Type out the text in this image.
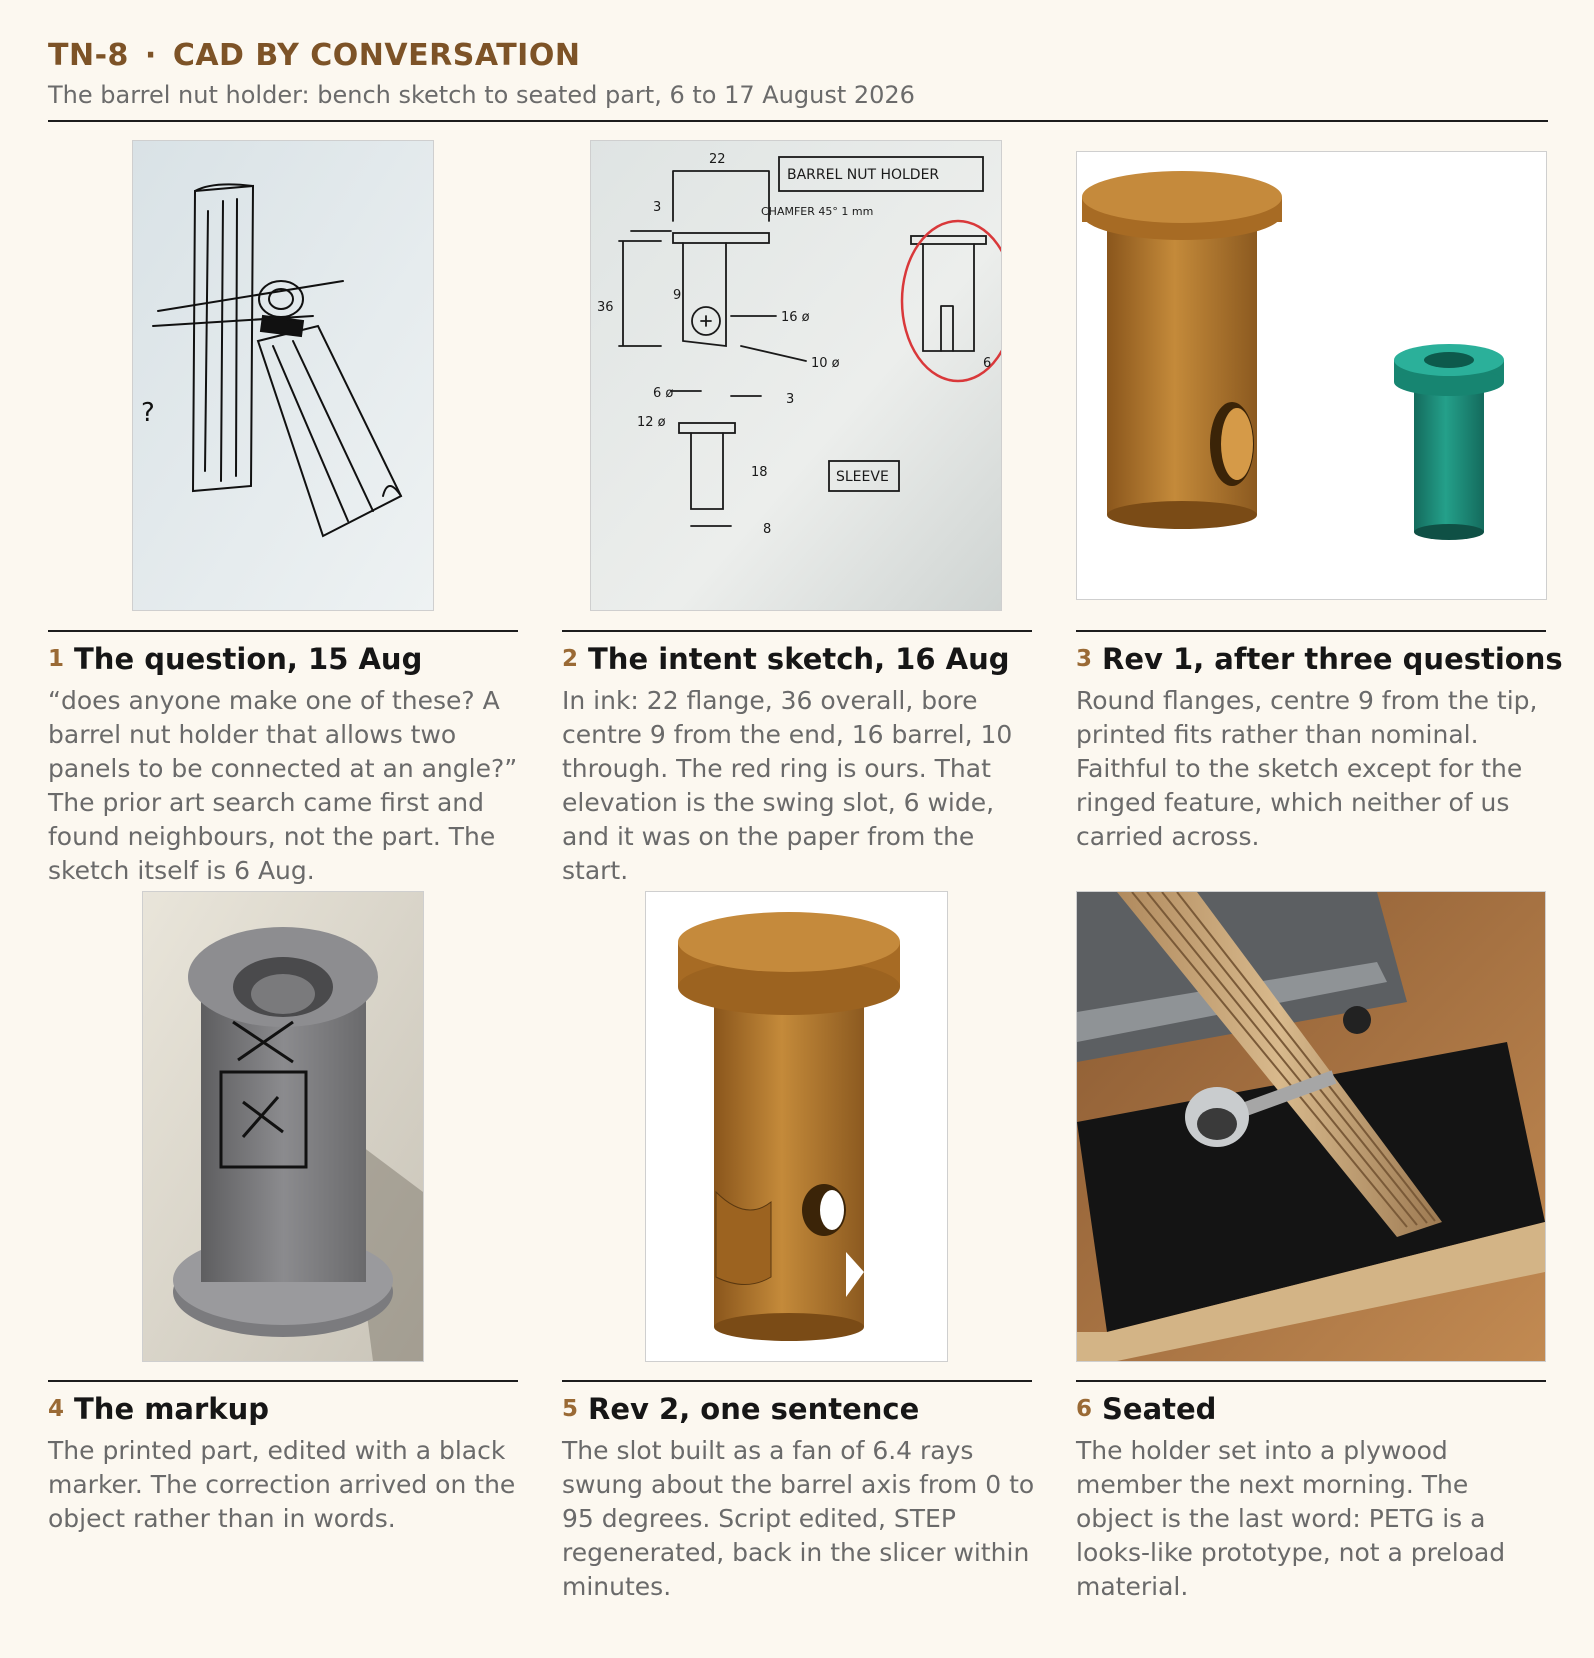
TN-8 · CAD BY CONVERSATION
The barrel nut holder: bench sketch to seated part, 6 to 17 August 2026
?
BARREL NUT HOLDER
CHAMFER 45° 1 mm
SLEEVE
22
3
9
36
16 ø
10 ø	6
6 ø
12 ø
3
18
8
1 The question, 15 Aug
“does anyone make one of these? A barrel nut holder that allows two panels to be connected at an angle?” The prior art search came first and found neighbours, not the part. The sketch itself is 6 Aug.
2 The intent sketch, 16 Aug
In ink: 22 flange, 36 overall, bore centre 9 from the end, 16 barrel, 10 through. The red ring is ours. That elevation is the swing slot, 6 wide, and it was on the paper from the start.
3 Rev 1, after three questions
Round flanges, centre 9 from the tip, printed fits rather than nominal. Faithful to the sketch except for the ringed feature, which neither of us carried across.
4 The markup
The printed part, edited with a black marker. The correction arrived on the object rather than in words.
5 Rev 2, one sentence
The slot built as a fan of 6.4 rays swung about the barrel axis from 0 to 95 degrees. Script edited, STEP regenerated, back in the slicer within minutes.
6 Seated
The holder set into a plywood member the next morning. The object is the last word: PETG is a looks-like prototype, not a preload material.
